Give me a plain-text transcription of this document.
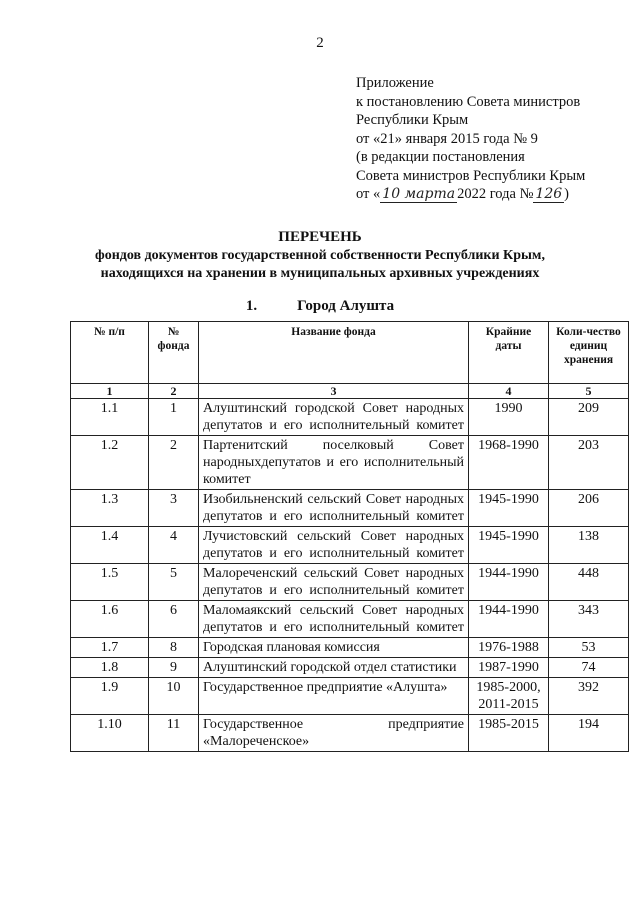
2
Приложение
к постановлению Совета министров
Республики Крым
от «21» января 2015 года № 9
(в редакции постановления
Совета министров Республики Крым
от « 10 марта 2022 года № 126 )
ПЕРЕЧЕНЬ
фондов документов государственной собственности Республики Крым,
находящихся на хранении в муниципальных архивных учреждениях
1.	Город Алушта
№ п/п	№ фонда	Название фонда	Крайние даты	Коли-чество единиц хранения
1	2	3	4	5
1.1	1	Алуштинский городской Совет народных депутатов и его исполнительный комитет	1990	209
1.2	2	Партенитский поселковый Совет народныхдепутатов и его исполнительный комитет	1968-1990	203
1.3	3	Изобильненский сельский Совет народных депутатов и его исполнительный комитет	1945-1990	206
1.4	4	Лучистовский сельский Совет народных депутатов и его исполнительный комитет	1945-1990	138
1.5	5	Малореченский сельский Совет народных депутатов и его исполнительный комитет	1944-1990	448
1.6	6	Маломаякский сельский Совет народных депутатов и его исполнительный комитет	1944-1990	343
1.7	8	Городская плановая комиссия	1976-1988	53
1.8	9	Алуштинский городской отдел статистики	1987-1990	74
1.9	10	Государственное предприятие «Алушта»	1985-2000, 2011-2015	392
1.10	11	Государственное предприятие «Малореченское»	1985-2015	194
